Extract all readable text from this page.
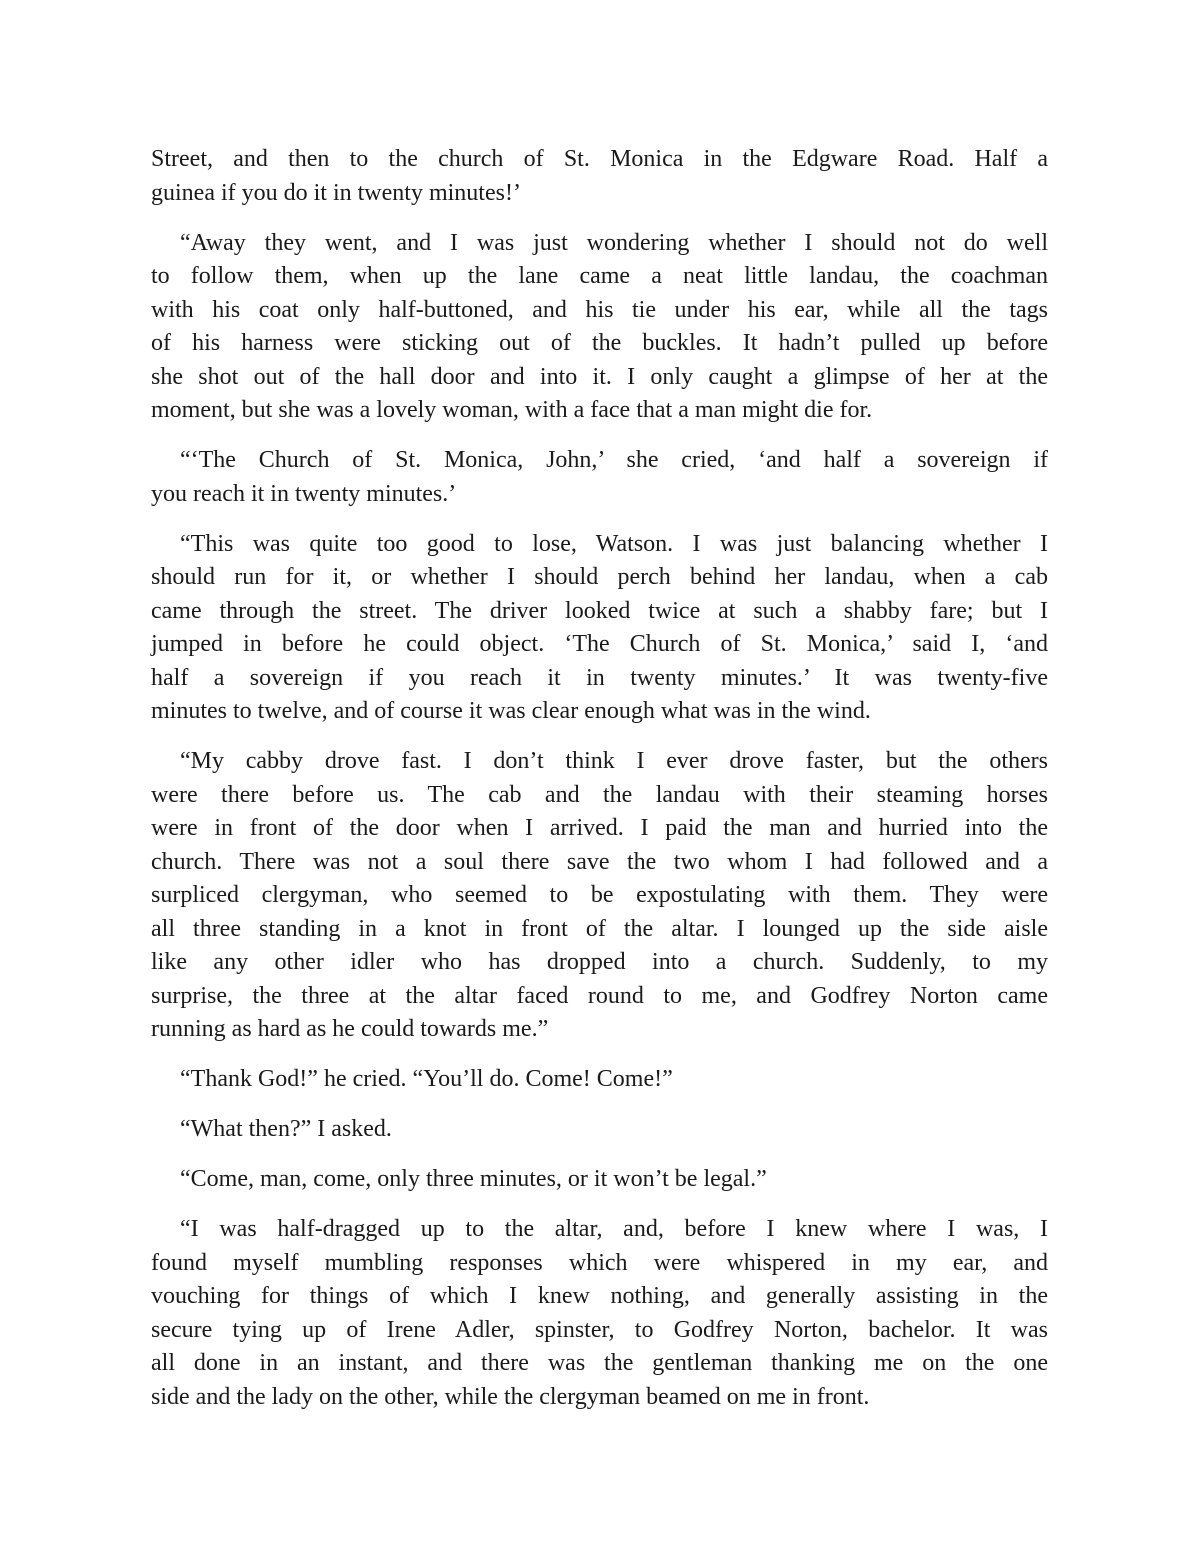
Street, and then to the church of St. Monica in the Edgware Road. Half a
guinea if you do it in twenty minutes!’
“Away they went, and I was just wondering whether I should not do well
to follow them, when up the lane came a neat little landau, the coachman
with his coat only half-buttoned, and his tie under his ear, while all the tags
of his harness were sticking out of the buckles. It hadn’t pulled up before
she shot out of the hall door and into it. I only caught a glimpse of her at the
moment, but she was a lovely woman, with a face that a man might die for.
“‘The Church of St. Monica, John,’ she cried, ‘and half a sovereign if
you reach it in twenty minutes.’
“This was quite too good to lose, Watson. I was just balancing whether I
should run for it, or whether I should perch behind her landau, when a cab
came through the street. The driver looked twice at such a shabby fare; but I
jumped in before he could object. ‘The Church of St. Monica,’ said I, ‘and
half a sovereign if you reach it in twenty minutes.’ It was twenty-five
minutes to twelve, and of course it was clear enough what was in the wind.
“My cabby drove fast. I don’t think I ever drove faster, but the others
were there before us. The cab and the landau with their steaming horses
were in front of the door when I arrived. I paid the man and hurried into the
church. There was not a soul there save the two whom I had followed and a
surpliced clergyman, who seemed to be expostulating with them. They were
all three standing in a knot in front of the altar. I lounged up the side aisle
like any other idler who has dropped into a church. Suddenly, to my
surprise, the three at the altar faced round to me, and Godfrey Norton came
running as hard as he could towards me.”
“Thank God!” he cried. “You’ll do. Come! Come!”
“What then?” I asked.
“Come, man, come, only three minutes, or it won’t be legal.”
“I was half-dragged up to the altar, and, before I knew where I was, I
found myself mumbling responses which were whispered in my ear, and
vouching for things of which I knew nothing, and generally assisting in the
secure tying up of Irene Adler, spinster, to Godfrey Norton, bachelor. It was
all done in an instant, and there was the gentleman thanking me on the one
side and the lady on the other, while the clergyman beamed on me in front.
